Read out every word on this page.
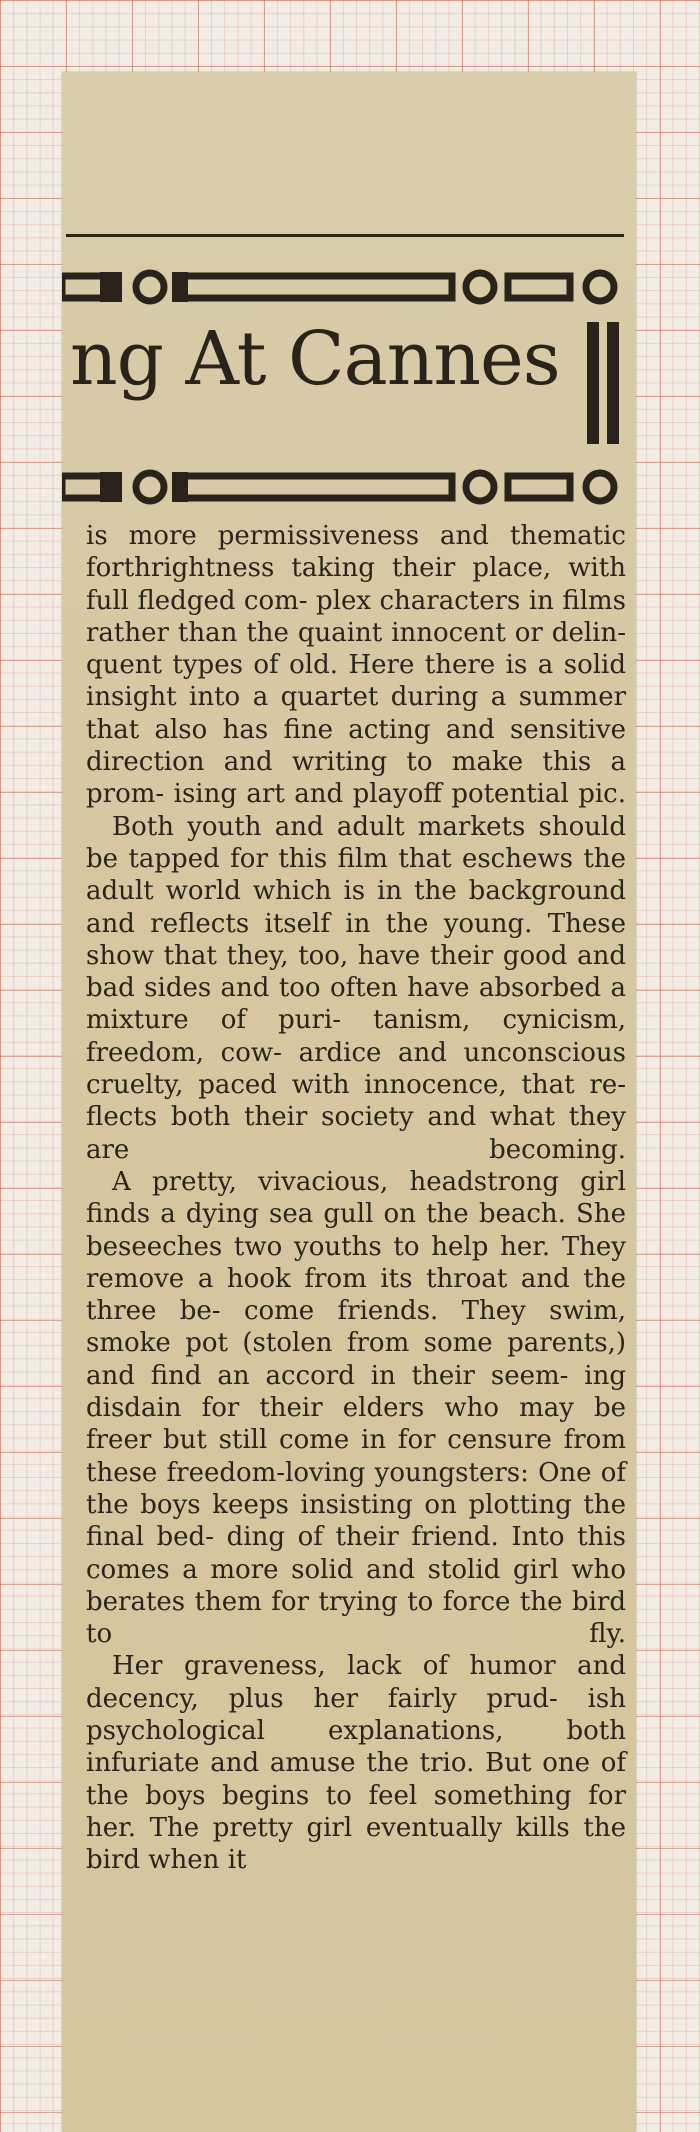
ng At Cannes

is more permissiveness and thematic forthrightness taking their place, with full fledged com- plex characters in films rather than the quaint innocent or delin- quent types of old. Here there is a solid insight into a quartet during a summer that also has fine acting and sensitive direction and writing to make this a prom- ising art and playoff potential pic.

Both youth and adult markets should be tapped for this film that eschews the adult world which is in the background and reflects itself in the young. These show that they, too, have their good and bad sides and too often have absorbed a mixture of puri- tanism, cynicism, freedom, cow- ardice and unconscious cruelty, paced with innocence, that re- flects both their society and what they are becoming.

A pretty, vivacious, headstrong girl finds a dying sea gull on the beach. She beseeches two youths to help her. They remove a hook from its throat and the three be- come friends. They swim, smoke pot (stolen from some parents,) and find an accord in their seem- ing disdain for their elders who may be freer but still come in for censure from these freedom-loving youngsters: One of the boys keeps insisting on plotting the final bed- ding of their friend. Into this comes a more solid and stolid girl who berates them for trying to force the bird to fly.

Her graveness, lack of humor and decency, plus her fairly prud- ish psychological explanations, both infuriate and amuse the trio. But one of the boys begins to feel something for her. The pretty girl eventually kills the bird when it
